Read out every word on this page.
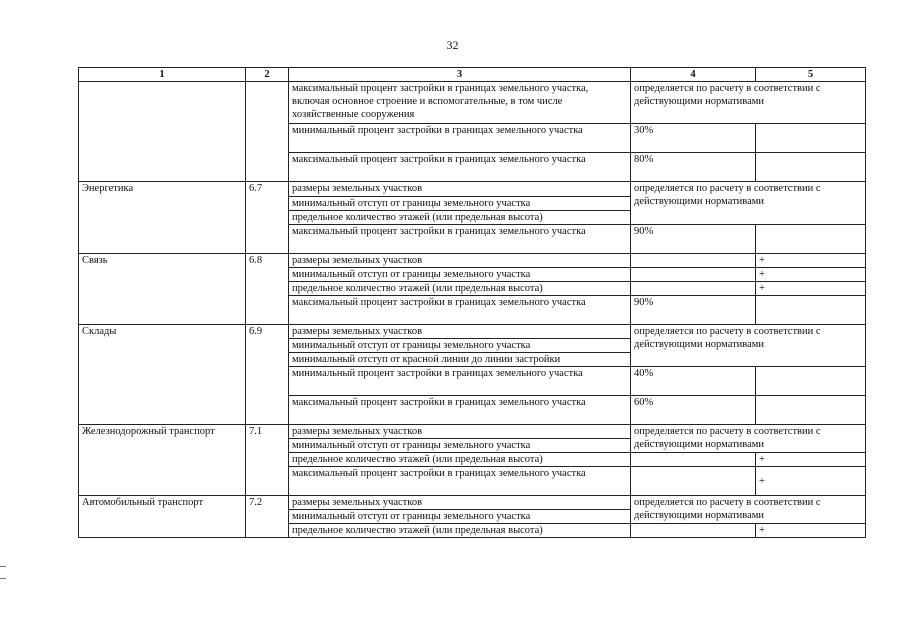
32
1	2	3	4	5
		максимальный процент застройки в границах земельного участка, включая основное строение и вспомогательные, в том числе хозяйственные сооружения	определяется по расчету в соответствии с действующими нормативами	
		минимальный процент застройки в границах земельного участка	30%	
		максимальный процент застройки в границах земельного участка	80%	
Энергетика	6.7	размеры земельных участков	определяется по расчету в соответствии с действующими нормативами	
		минимальный отступ от границы земельного участка		
		предельное количество этажей (или предельная высота)		
		максимальный процент застройки в границах земельного участка	90%	
Связь	6.8	размеры земельных участков		+
		минимальный отступ от границы земельного участка		+
		предельное количество этажей (или предельная высота)		+
		максимальный процент застройки в границах земельного участка	90%	
Склады	6.9	размеры земельных участков	определяется по расчету в соответствии с действующими нормативами	
		минимальный отступ от границы земельного участка		
		минимальный отступ от красной линии до линии застройки		
		минимальный процент застройки в границах земельного участка	40%	
		максимальный процент застройки в границах земельного участка	60%	
Железнодорожный транспорт	7.1	размеры земельных участков	определяется по расчету в соответствии с действующими нормативами	
		минимальный отступ от границы земельного участка		
		предельное количество этажей (или предельная высота)		+
		максимальный процент застройки в границах земельного участка		+
Автомобильный транспорт	7.2	размеры земельных участков	определяется по расчету в соответствии с действующими нормативами	
		минимальный отступ от границы земельного участка		
		предельное количество этажей (или предельная высота)		+
